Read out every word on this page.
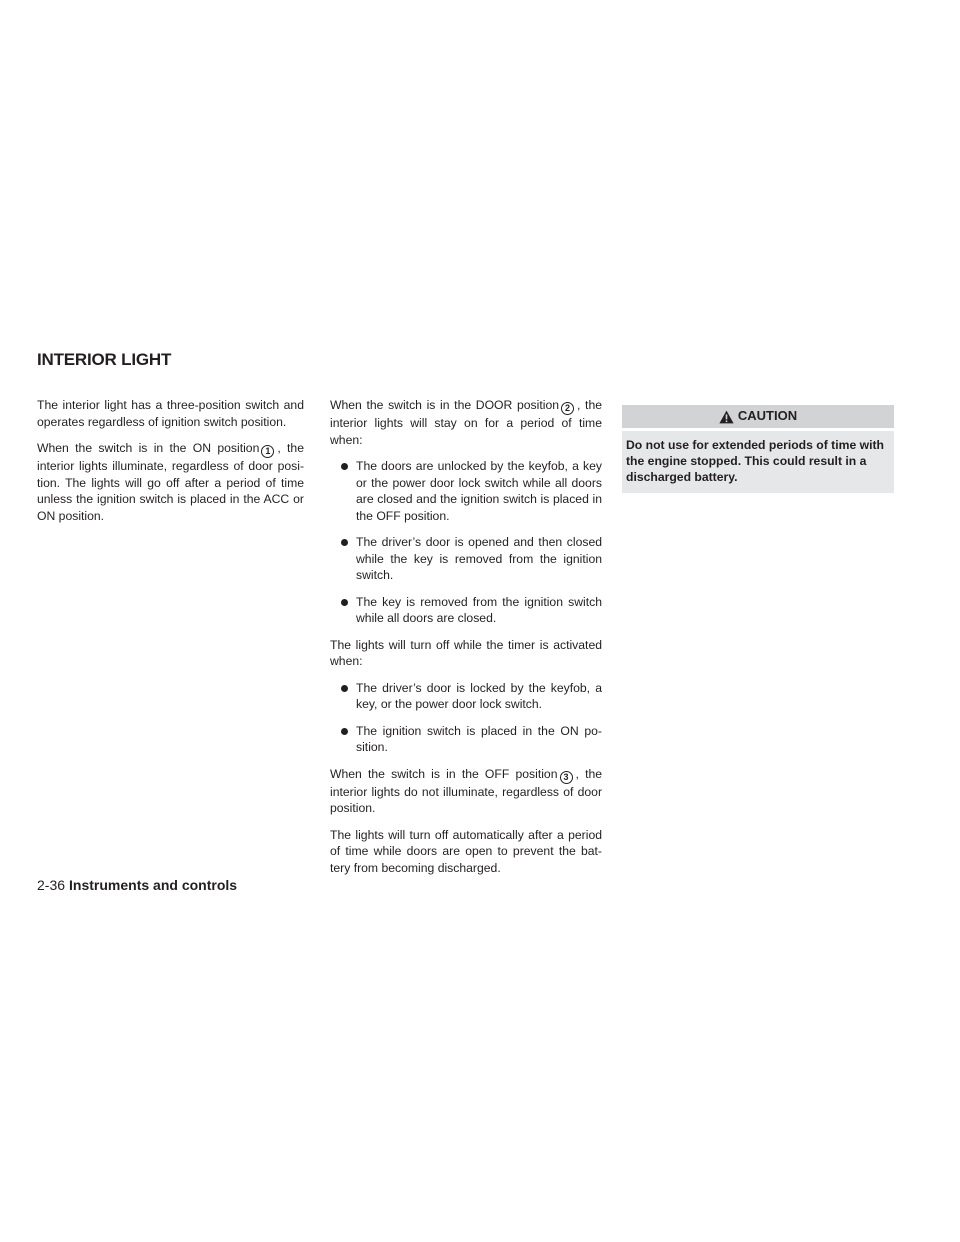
INTERIOR LIGHT

The interior light has a three-position switch and operates regardless of ignition switch position.

When the switch is in the ON position 1 , the interior lights illuminate, regardless of door posi- tion. The lights will go off after a period of time unless the ignition switch is placed in the ACC or ON position.

When the switch is in the DOOR position 2 , the interior lights will stay on for a period of time when:

The doors are unlocked by the keyfob, a key or the power door lock switch while all doors are closed and the ignition switch is placed in the OFF position.
The driver’s door is opened and then closed while the key is removed from the ignition switch.
The key is removed from the ignition switch while all doors are closed.

The lights will turn off while the timer is activated when:

The driver’s door is locked by the keyfob, a key, or the power door lock switch.
The ignition switch is placed in the ON po- sition.

When the switch is in the OFF position 3 , the interior lights do not illuminate, regardless of door position.

The lights will turn off automatically after a period of time while doors are open to prevent the bat- tery from becoming discharged.

CAUTION
Do not use for extended periods of time with the engine stopped. This could result in a discharged battery.
2-36 Instruments and controls
